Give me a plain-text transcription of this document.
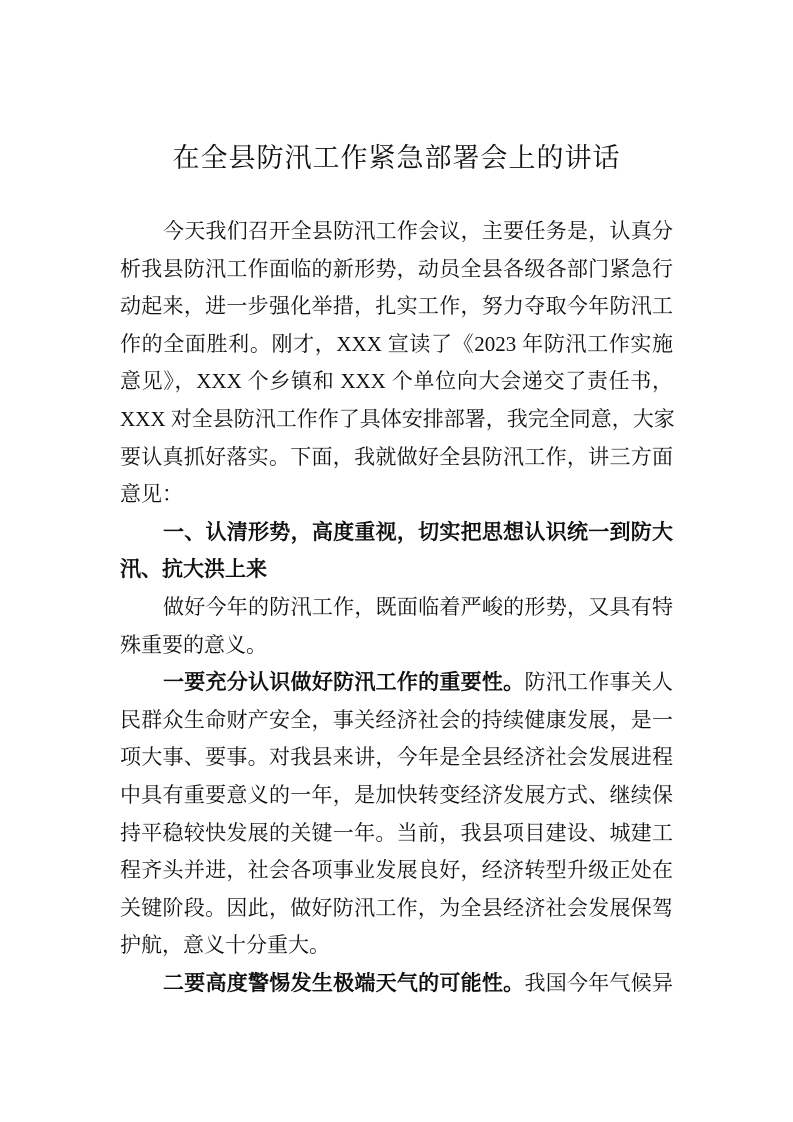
在全县防汛工作紧急部署会上的讲话
今天我们召开全县防汛工作会议，主要任务是，认真分
析我县防汛工作面临的新形势，动员全县各级各部门紧急行
动起来，进一步强化举措，扎实工作，努力夺取今年防汛工
作的全面胜利。刚才，XXX 宣读了《2023 年防汛工作实施
意见》，XXX 个乡镇和 XXX 个单位向大会递交了责任书，
XXX 对全县防汛工作作了具体安排部署，我完全同意，大家
要认真抓好落实。下面，我就做好全县防汛工作，讲三方面
意见：
一、认清形势，高度重视，切实把思想认识统一到防大
汛、抗大洪上来
做好今年的防汛工作，既面临着严峻的形势，又具有特
殊重要的意义。
一要充分认识做好防汛工作的重要性。防汛工作事关人
民群众生命财产安全，事关经济社会的持续健康发展，是一
项大事、要事。对我县来讲，今年是全县经济社会发展进程
中具有重要意义的一年，是加快转变经济发展方式、继续保
持平稳较快发展的关键一年。当前，我县项目建设、城建工
程齐头并进，社会各项事业发展良好，经济转型升级正处在
关键阶段。因此，做好防汛工作，为全县经济社会发展保驾
护航，意义十分重大。
二要高度警惕发生极端天气的可能性。我国今年气候异
